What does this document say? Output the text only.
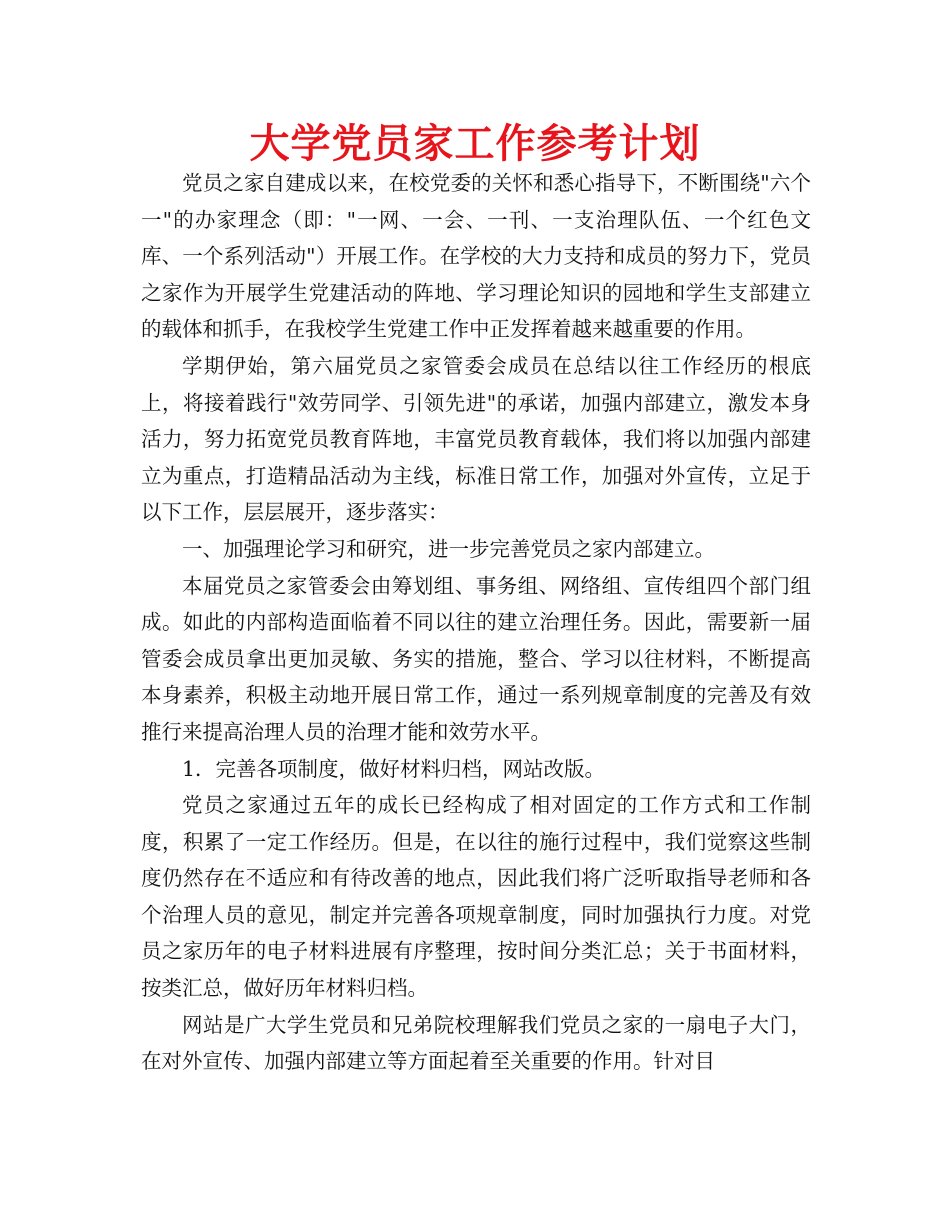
大学党员家工作参考计划

党员之家自建成以来，在校党委的关怀和悉心指导下，不断围绕"六个一"的办家理念（即："一网、一会、一刊、一支治理队伍、一个红色文库、一个系列活动"）开展工作。在学校的大力支持和成员的努力下，党员之家作为开展学生党建活动的阵地、学习理论知识的园地和学生支部建立的载体和抓手，在我校学生党建工作中正发挥着越来越重要的作用。

学期伊始，第六届党员之家管委会成员在总结以往工作经历的根底上，将接着践行"效劳同学、引领先进"的承诺，加强内部建立，激发本身活力，努力拓宽党员教育阵地，丰富党员教育载体，我们将以加强内部建立为重点，打造精品活动为主线，标准日常工作，加强对外宣传，立足于以下工作，层层展开，逐步落实：

一、加强理论学习和研究，进一步完善党员之家内部建立。

本届党员之家管委会由筹划组、事务组、网络组、宣传组四个部门组成。如此的内部构造面临着不同以往的建立治理任务。因此，需要新一届管委会成员拿出更加灵敏、务实的措施，整合、学习以往材料，不断提高本身素养，积极主动地开展日常工作，通过一系列规章制度的完善及有效推行来提高治理人员的治理才能和效劳水平。

1．完善各项制度，做好材料归档，网站改版。

党员之家通过五年的成长已经构成了相对固定的工作方式和工作制度，积累了一定工作经历。但是，在以往的施行过程中，我们觉察这些制度仍然存在不适应和有待改善的地点，因此我们将广泛听取指导老师和各个治理人员的意见，制定并完善各项规章制度，同时加强执行力度。对党员之家历年的电子材料进展有序整理，按时间分类汇总；关于书面材料，按类汇总，做好历年材料归档。

网站是广大学生党员和兄弟院校理解我们党员之家的一扇电子大门，在对外宣传、加强内部建立等方面起着至关重要的作用。针对目
